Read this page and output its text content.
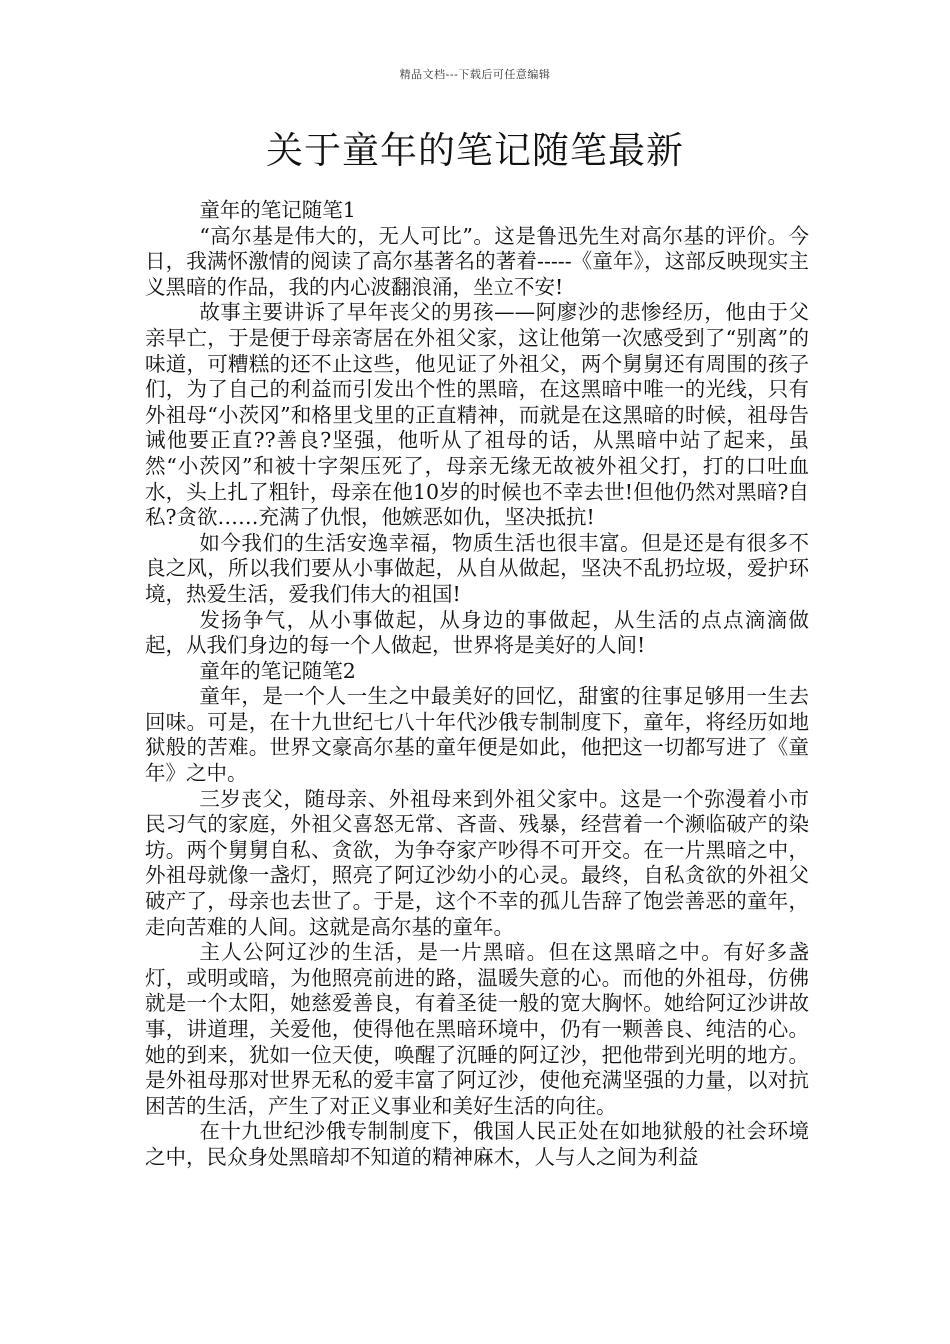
精品文档---下载后可任意编辑
关于童年的笔记随笔最新

童年的笔记随笔1

“高尔基是伟大的，无人可比”。这是鲁迅先生对高尔基的评价。今日，我满怀激情的阅读了高尔基著名的著着-----《童年》，这部反映现实主义黑暗的作品，我的内心波翻浪涌，坐立不安!

故事主要讲诉了早年丧父的男孩——阿廖沙的悲惨经历，他由于父亲早亡，于是便于母亲寄居在外祖父家，这让他第一次感受到了“别离”的味道，可糟糕的还不止这些，他见证了外祖父，两个舅舅还有周围的孩子们，为了自己的利益而引发出个性的黑暗，在这黑暗中唯一的光线，只有外祖母“小茨冈”和格里戈里的正直精神，而就是在这黑暗的时候，祖母告诫他要正直??善良?坚强，他听从了祖母的话，从黑暗中站了起来，虽然“小茨冈”和被十字架压死了，母亲无缘无故被外祖父打，打的口吐血水，头上扎了粗针，母亲在他10岁的时候也不幸去世!但他仍然对黑暗?自私?贪欲……充满了仇恨，他嫉恶如仇，坚决抵抗!

如今我们的生活安逸幸福，物质生活也很丰富。但是还是有很多不良之风，所以我们要从小事做起，从自从做起，坚决不乱扔垃圾，爱护环境，热爱生活，爱我们伟大的祖国!

发扬争气，从小事做起，从身边的事做起，从生活的点点滴滴做起，从我们身边的每一个人做起，世界将是美好的人间!

童年的笔记随笔2

童年，是一个人一生之中最美好的回忆，甜蜜的往事足够用一生去回味。可是，在十九世纪七八十年代沙俄专制制度下，童年，将经历如地狱般的苦难。世界文豪高尔基的童年便是如此，他把这一切都写进了《童年》之中。

三岁丧父，随母亲、外祖母来到外祖父家中。这是一个弥漫着小市民习气的家庭，外祖父喜怒无常、吝啬、残暴，经营着一个濒临破产的染坊。两个舅舅自私、贪欲，为争夺家产吵得不可开交。在一片黑暗之中，外祖母就像一盏灯，照亮了阿辽沙幼小的心灵。最终，自私贪欲的外祖父破产了，母亲也去世了。于是，这个不幸的孤儿告辞了饱尝善恶的童年，走向苦难的人间。这就是高尔基的童年。

主人公阿辽沙的生活，是一片黑暗。但在这黑暗之中。有好多盏灯，或明或暗，为他照亮前进的路，温暖失意的心。而他的外祖母，仿佛就是一个太阳，她慈爱善良，有着圣徒一般的宽大胸怀。她给阿辽沙讲故事，讲道理，关爱他，使得他在黑暗环境中，仍有一颗善良、纯洁的心。她的到来，犹如一位天使，唤醒了沉睡的阿辽沙，把他带到光明的地方。是外祖母那对世界无私的爱丰富了阿辽沙，使他充满坚强的力量，以对抗困苦的生活，产生了对正义事业和美好生活的向往。

在十九世纪沙俄专制制度下，俄国人民正处在如地狱般的社会环境之中，民众身处黑暗却不知道的精神麻木，人与人之间为利益
